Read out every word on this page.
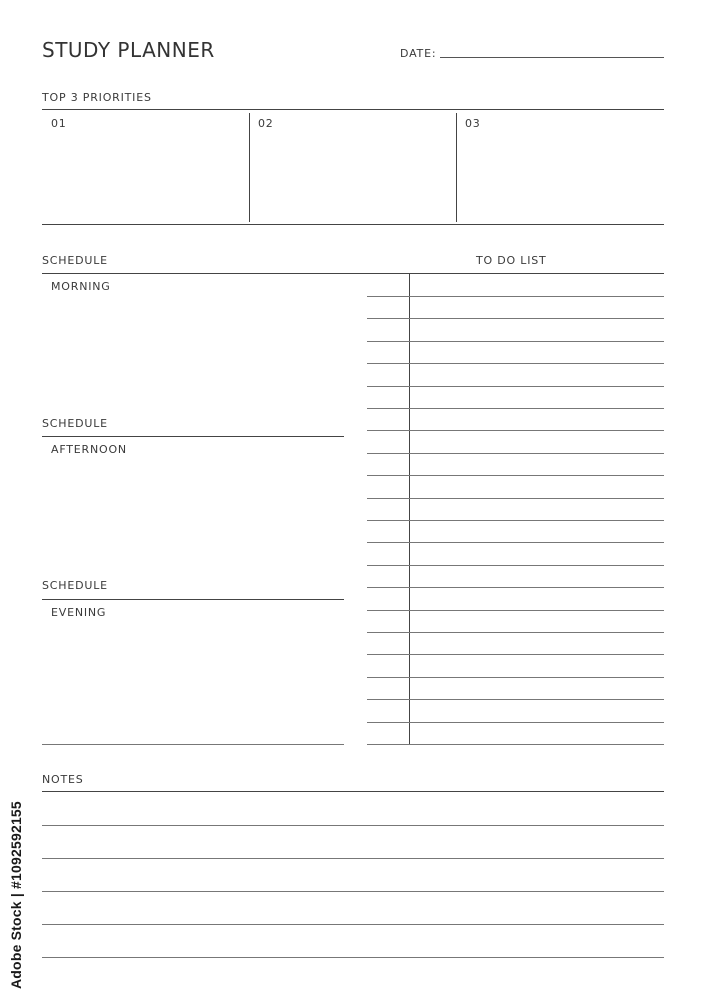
STUDY PLANNER	DATE:
TOP 3 PRIORITIES
01	02	03
SCHEDULE
MORNING
SCHEDULE
AFTERNOON
SCHEDULE
EVENING
TO DO LIST
NOTES
Adobe Stock | #1092592155
